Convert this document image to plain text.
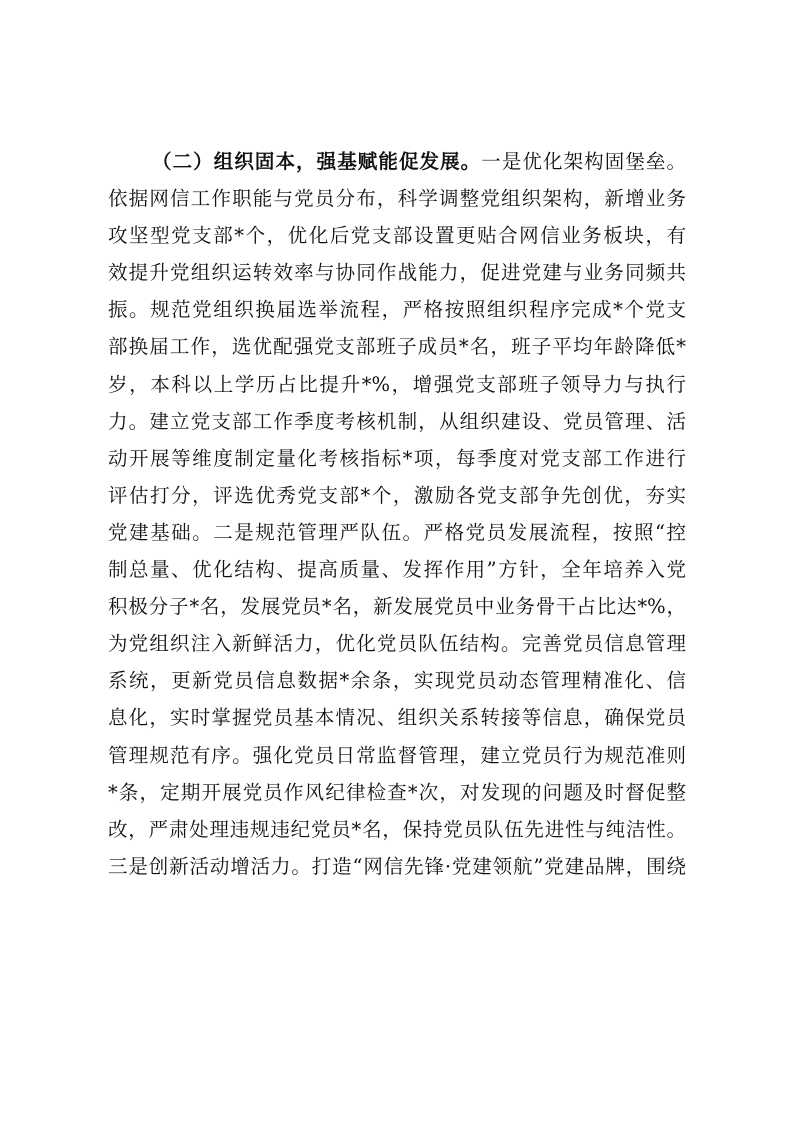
（二）组织固本，强基赋能促发展。一是优化架构固堡垒。
依据网信工作职能与党员分布，科学调整党组织架构，新增业务
攻坚型党支部*个，优化后党支部设置更贴合网信业务板块，有
效提升党组织运转效率与协同作战能力，促进党建与业务同频共
振。规范党组织换届选举流程，严格按照组织程序完成*个党支
部换届工作，选优配强党支部班子成员*名，班子平均年龄降低*
岁，本科以上学历占比提升*%，增强党支部班子领导力与执行
力。建立党支部工作季度考核机制，从组织建设、党员管理、活
动开展等维度制定量化考核指标*项，每季度对党支部工作进行
评估打分，评选优秀党支部*个，激励各党支部争先创优，夯实
党建基础。二是规范管理严队伍。严格党员发展流程，按照“控
制总量、优化结构、提高质量、发挥作用”方针，全年培养入党
积极分子*名，发展党员*名，新发展党员中业务骨干占比达*%，
为党组织注入新鲜活力，优化党员队伍结构。完善党员信息管理
系统，更新党员信息数据*余条，实现党员动态管理精准化、信
息化，实时掌握党员基本情况、组织关系转接等信息，确保党员
管理规范有序。强化党员日常监督管理，建立党员行为规范准则
*条，定期开展党员作风纪律检查*次，对发现的问题及时督促整
改，严肃处理违规违纪党员*名，保持党员队伍先进性与纯洁性。
三是创新活动增活力。打造“网信先锋·党建领航”党建品牌，围绕
